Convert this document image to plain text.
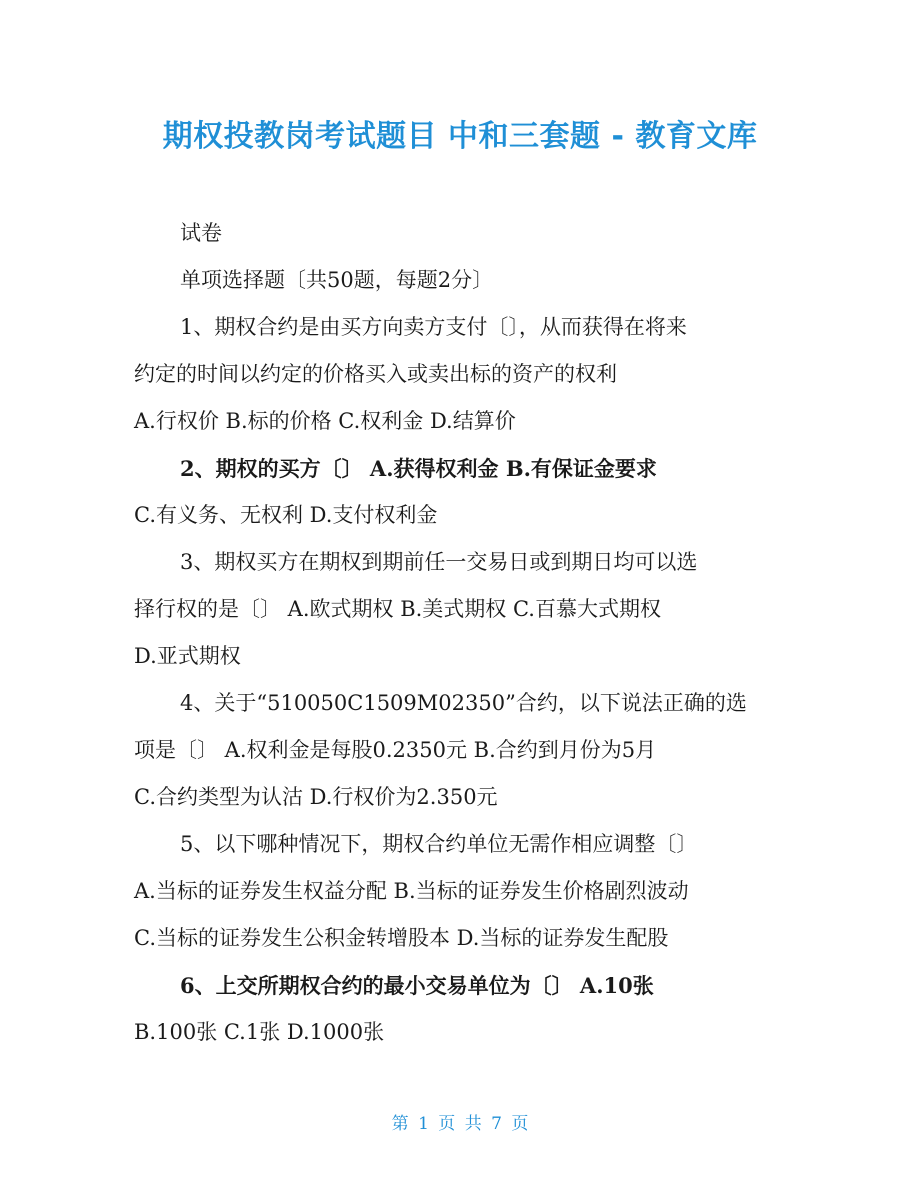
期权投教岗考试题目 中和三套题 - 教育文库
试卷
单项选择题〔共50题，每题2分〕
1、期权合约是由买方向卖方支付〔〕，从而获得在将来
约定的时间以约定的价格买入或卖出标的资产的权利
A.行权价 B.标的价格 C.权利金 D.结算价
2、期权的买方〔〕 A.获得权利金 B.有保证金要求
C.有义务、无权利 D.支付权利金
3、期权买方在期权到期前任一交易日或到期日均可以选
择行权的是〔〕 A.欧式期权 B.美式期权 C.百慕大式期权
D.亚式期权
4、关于“510050C1509M02350”合约，以下说法正确的选
项是〔〕 A.权利金是每股0.2350元 B.合约到月份为5月
C.合约类型为认沽 D.行权价为2.350元
5、以下哪种情况下，期权合约单位无需作相应调整〔〕
A.当标的证券发生权益分配 B.当标的证券发生价格剧烈波动
C.当标的证券发生公积金转增股本 D.当标的证券发生配股
6、上交所期权合约的最小交易单位为〔〕 A.10张
B.100张 C.1张 D.1000张
第 1 页 共 7 页
